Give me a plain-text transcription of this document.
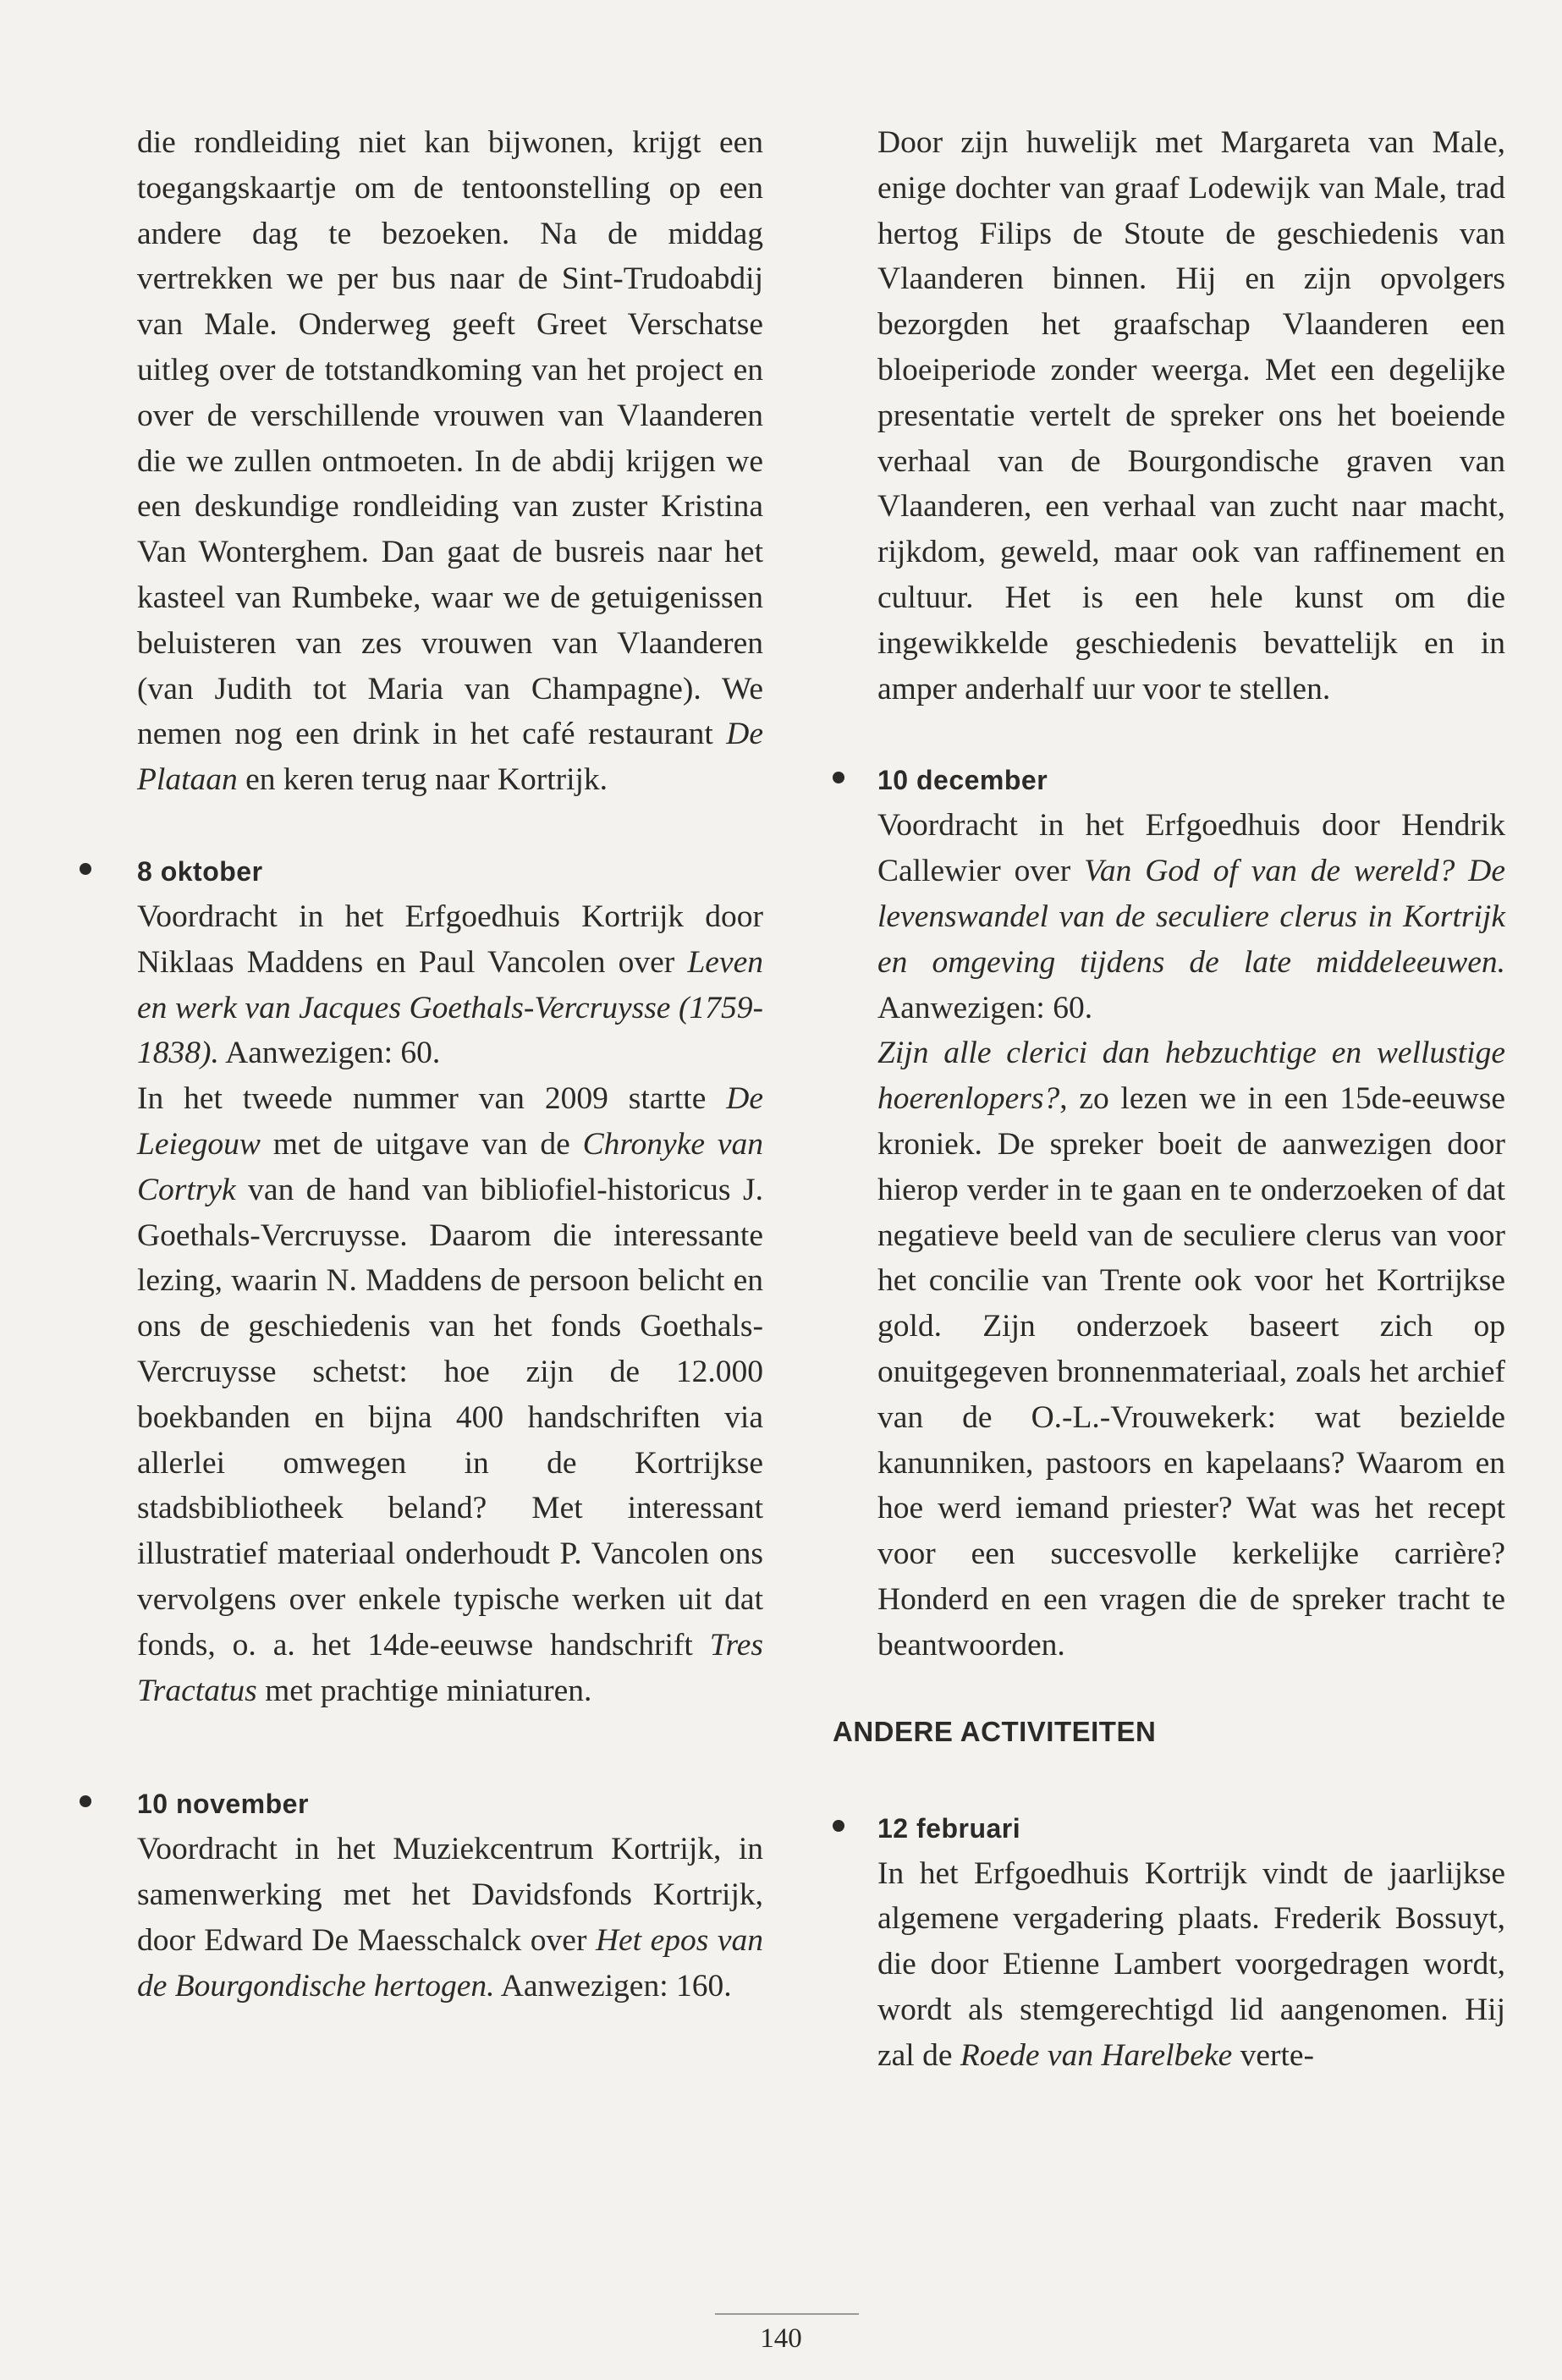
die rondleiding niet kan bijwonen, krijgt een toegangskaartje om de tentoonstelling op een andere dag te bezoeken. Na de middag vertrekken we per bus naar de Sint-Trudoabdij van Male. Onderweg geeft Greet Verschatse uitleg over de totstandkoming van het project en over de verschillende vrouwen van Vlaanderen die we zullen ontmoeten. In de abdij krijgen we een deskundige rondleiding van zuster Kristina Van Wonterghem. Dan gaat de busreis naar het kasteel van Rumbeke, waar we de getuigenissen beluisteren van zes vrouwen van Vlaanderen (van Judith tot Maria van Champagne). We nemen nog een drink in het café restaurant De Plataan en keren terug naar Kortrijk.

8 oktober

Voordracht in het Erfgoedhuis Kortrijk door Niklaas Maddens en Paul Vancolen over Leven en werk van Jacques Goethals-Vercruysse (1759-1838). Aanwezigen: 60.

In het tweede nummer van 2009 startte De Leiegouw met de uitgave van de Chronyke van Cortryk van de hand van bibliofiel-historicus J. Goethals-Vercruysse. Daarom die interessante lezing, waarin N. Maddens de persoon belicht en ons de geschiedenis van het fonds Goethals-Vercruysse schetst: hoe zijn de 12.000 boekbanden en bijna 400 handschriften via allerlei omwegen in de Kortrijkse stadsbibliotheek beland? Met interessant illustratief materiaal onderhoudt P. Vancolen ons vervolgens over enkele typische werken uit dat fonds, o. a. het 14de-eeuwse handschrift Tres Tractatus met prachtige miniaturen.

10 november

Voordracht in het Muziekcentrum Kortrijk, in samenwerking met het Davidsfonds Kortrijk, door Edward De Maesschalck over Het epos van de Bourgondische hertogen. Aanwezigen: 160.

Door zijn huwelijk met Margareta van Male, enige dochter van graaf Lodewijk van Male, trad hertog Filips de Stoute de geschiedenis van Vlaanderen binnen. Hij en zijn opvolgers bezorgden het graafschap Vlaanderen een bloeiperiode zonder weerga. Met een degelijke presentatie vertelt de spreker ons het boeiende verhaal van de Bourgondische graven van Vlaanderen, een verhaal van zucht naar macht, rijkdom, geweld, maar ook van raffinement en cultuur. Het is een hele kunst om die ingewikkelde geschiedenis bevattelijk en in amper anderhalf uur voor te stellen.

10 december

Voordracht in het Erfgoedhuis door Hendrik Callewier over Van God of van de wereld? De levenswandel van de seculiere clerus in Kortrijk en omgeving tijdens de late middeleeuwen. Aanwezigen: 60.

Zijn alle clerici dan hebzuchtige en wellustige hoerenlopers?, zo lezen we in een 15de-eeuwse kroniek. De spreker boeit de aanwezigen door hierop verder in te gaan en te onderzoeken of dat negatieve beeld van de seculiere clerus van voor het concilie van Trente ook voor het Kortrijkse gold. Zijn onderzoek baseert zich op onuitgegeven bronnenmateriaal, zoals het archief van de O.-L.-Vrouwekerk: wat bezielde kanunniken, pastoors en kapelaans? Waarom en hoe werd iemand priester? Wat was het recept voor een succesvolle kerkelijke carrière? Honderd en een vragen die de spreker tracht te beantwoorden.

ANDERE ACTIVITEITEN

12 februari

In het Erfgoedhuis Kortrijk vindt de jaarlijkse algemene vergadering plaats. Frederik Bossuyt, die door Etienne Lambert voorgedragen wordt, wordt als stemgerechtigd lid aangenomen. Hij zal de Roede van Harelbeke verte-

140
